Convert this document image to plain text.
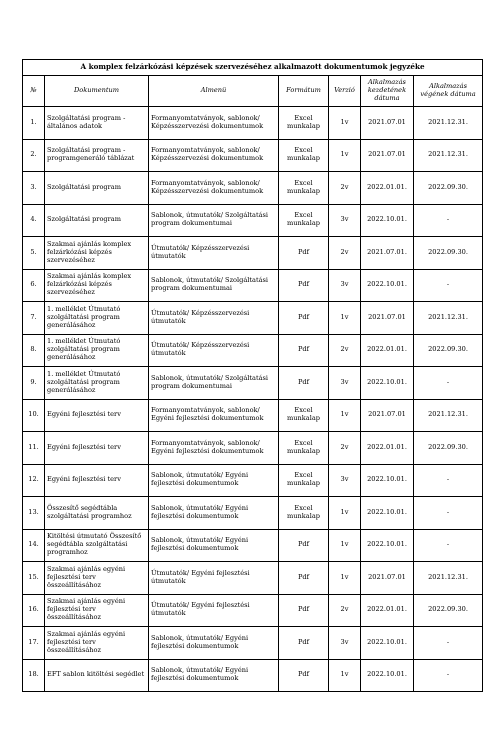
A komplex felzárkózási képzések szervezéséhez alkalmazott dokumentumok jegyzéke						
№	Dokumentum	Almenü	Formátum	Verzió	Alkalmazás kezdetének dátuma	Alkalmazás végének dátuma
1.	Szolgáltatási program - általános adatok	Formanyomtatványok, sablonok/ Képzésszervezési dokumentumok	Excel munkalap	1v	2021.07.01	2021.12.31.
2.	Szolgáltatási program - programgeneráló táblázat	Formanyomtatványok, sablonok/ Képzésszervezési dokumentumok	Excel munkalap	1v	2021.07.01	2021.12.31.
3.	Szolgáltatási program	Formanyomtatványok, sablonok/ Képzésszervezési dokumentumok	Excel munkalap	2v	2022.01.01.	2022.09.30.
4.	Szolgáltatási program	Sablonok, útmutatók/ Szolgáltatási program dokumentumai	Excel munkalap	3v	2022.10.01.	-
5.	Szakmai ajánlás komplex felzárkózási képzés szervezéséhez	Útmutatók/ Képzésszervezési útmutatók	Pdf	2v	2021.07.01.	2022.09.30.
6.	Szakmai ajánlás komplex felzárkózási képzés szervezéséhez	Sablonok, útmutatók/ Szolgáltatási program dokumentumai	Pdf	3v	2022.10.01.	-
7.	1. melléklet Útmutató szolgáltatási program generálásához	Útmutatók/ Képzésszervezési útmutatók	Pdf	1v	2021.07.01	2021.12.31.
8.	1. melléklet Útmutató szolgáltatási program generálásához	Útmutatók/ Képzésszervezési útmutatók	Pdf	2v	2022.01.01.	2022.09.30.
9.	1. melléklet Útmutató szolgáltatási program generálásához	Sablonok, útmutatók/ Szolgáltatási program dokumentumai	Pdf	3v	2022.10.01.	-
10.	Egyéni fejlesztési terv	Formanyomtatványok, sablonok/ Egyéni fejlesztési dokumentumok	Excel munkalap	1v	2021.07.01	2021.12.31.
11.	Egyéni fejlesztési terv	Formanyomtatványok, sablonok/ Egyéni fejlesztési dokumentumok	Excel munkalap	2v	2022.01.01.	2022.09.30.
12.	Egyéni fejlesztési terv	Sablonok, útmutatók/ Egyéni fejlesztési dokumentumok	Excel munkalap	3v	2022.10.01.	-
13.	Összesítő segédtábla szolgáltatási programhoz	Sablonok, útmutatók/ Egyéni fejlesztési dokumentumok	Excel munkalap	1v	2022.10.01.	-
14.	Kitöltési útmutató Összesítő segédtábla szolgáltatási programhoz	Sablonok, útmutatók/ Egyéni fejlesztési dokumentumok	Pdf	1v	2022.10.01.	-
15.	Szakmai ajánlás egyéni fejlesztési terv összeállításához	Útmutatók/ Egyéni fejlesztési útmutatók	Pdf	1v	2021.07.01	2021.12.31.
16.	Szakmai ajánlás egyéni fejlesztési terv összeállításához	Útmutatók/ Egyéni fejlesztési útmutatók	Pdf	2v	2022.01.01.	2022.09.30.
17.	Szakmai ajánlás egyéni fejlesztési terv összeállításához	Sablonok, útmutatók/ Egyéni fejlesztési dokumentumok	Pdf	3v	2022.10.01.	-
18.	EFT sablon kitöltési segédlet	Sablonok, útmutatók/ Egyéni fejlesztési dokumentumok	Pdf	1v	2022.10.01.	-
